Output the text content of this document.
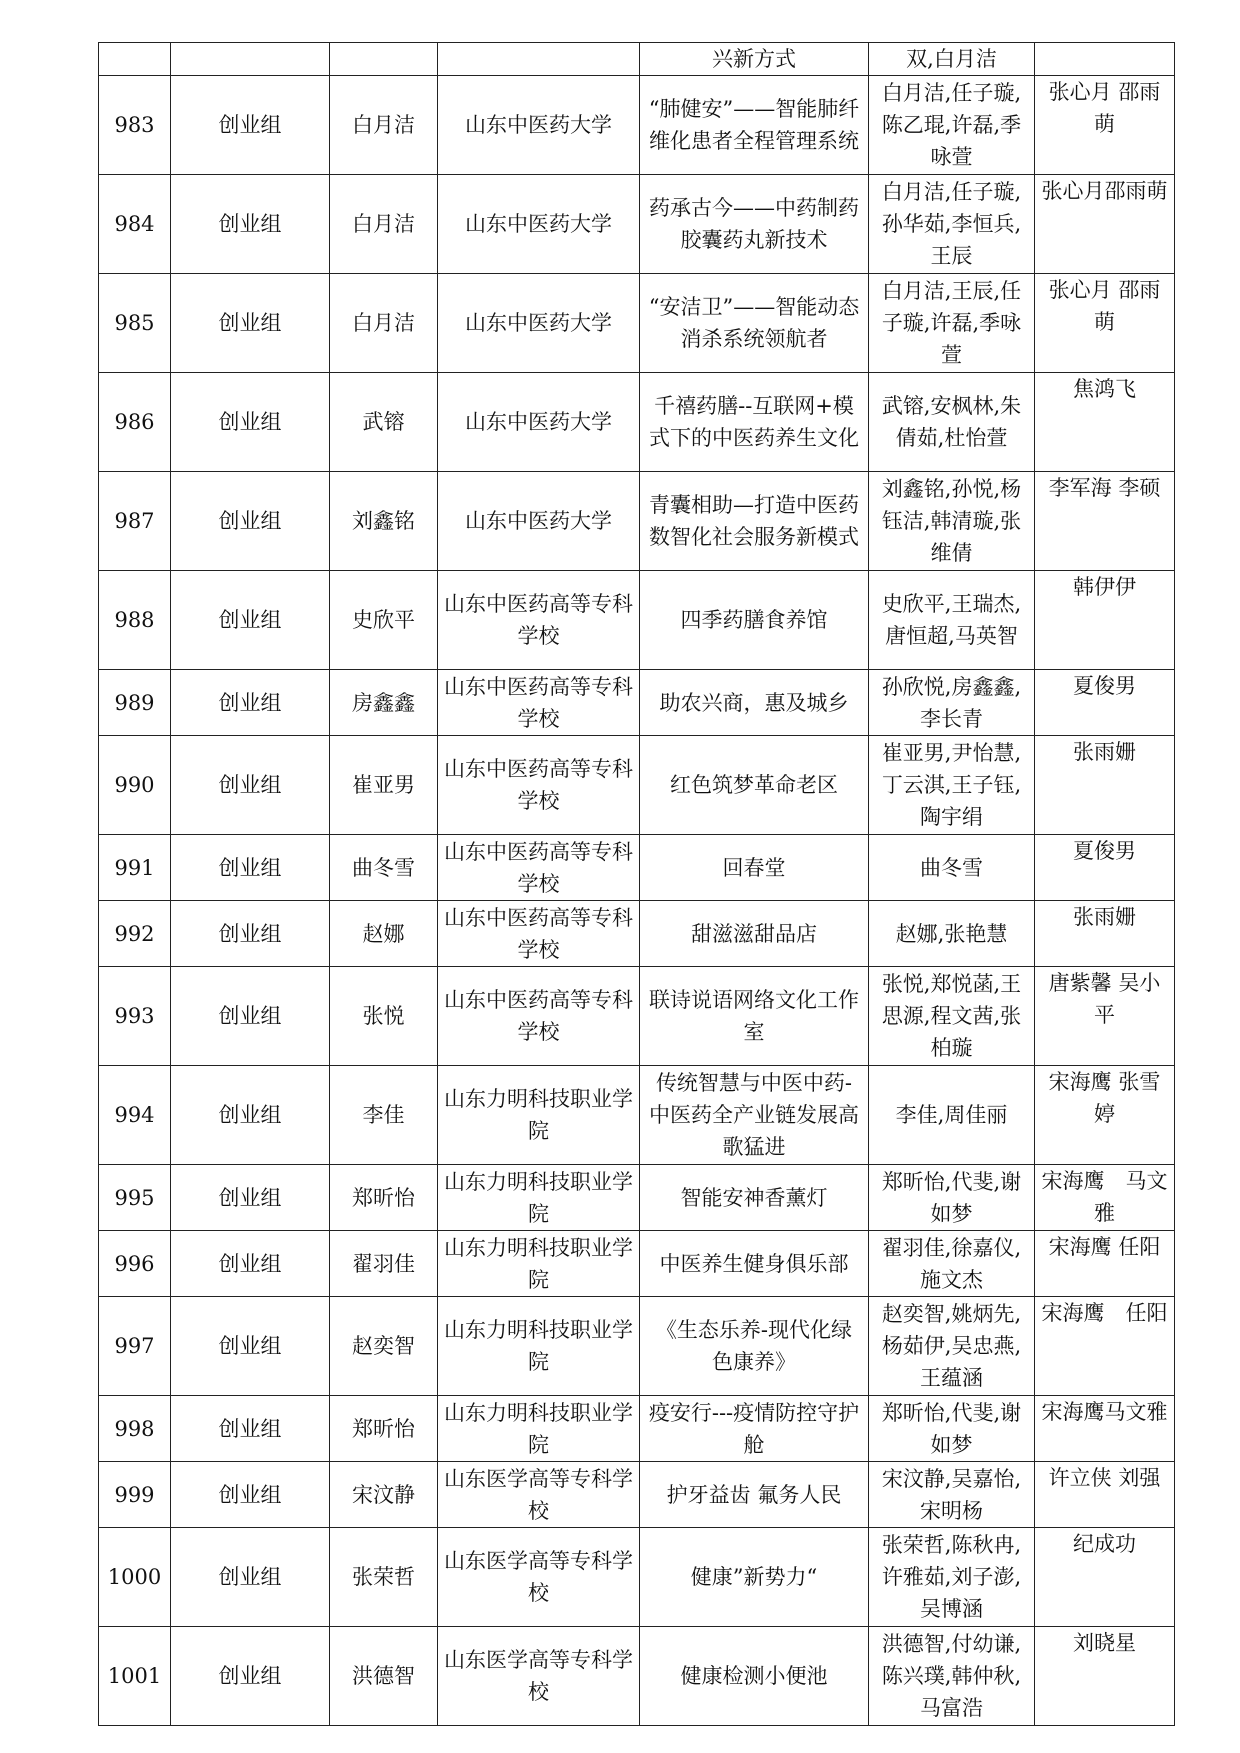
				兴新方式	双,白月洁	
983	创业组	白月洁	山东中医药大学	“肺健安”——智能肺纤维化患者全程管理系统	白月洁,任子璇,陈乙琨,许磊,季咏萱	张心月 邵雨萌
984	创业组	白月洁	山东中医药大学	药承古今——中药制药胶囊药丸新技术	白月洁,任子璇,孙华茹,李恒兵,王辰	张心月邵雨萌
985	创业组	白月洁	山东中医药大学	“安洁卫”——智能动态消杀系统领航者	白月洁,王辰,任子璇,许磊,季咏萱	张心月 邵雨萌
986	创业组	武镕	山东中医药大学	千禧药膳--互联网+模式下的中医药养生文化	武镕,安枫林,朱倩茹,杜怡萱	焦鸿飞
987	创业组	刘鑫铭	山东中医药大学	青囊相助—打造中医药数智化社会服务新模式	刘鑫铭,孙悦,杨钰洁,韩清璇,张维倩	李军海 李硕
988	创业组	史欣平	山东中医药高等专科学校	四季药膳食养馆	史欣平,王瑞杰,唐恒超,马英智	韩伊伊
989	创业组	房鑫鑫	山东中医药高等专科学校	助农兴商，惠及城乡	孙欣悦,房鑫鑫,李长青	夏俊男
990	创业组	崔亚男	山东中医药高等专科学校	红色筑梦革命老区	崔亚男,尹怡慧,丁云淇,王子钰,陶宇绢	张雨姗
991	创业组	曲冬雪	山东中医药高等专科学校	回春堂	曲冬雪	夏俊男
992	创业组	赵娜	山东中医药高等专科学校	甜滋滋甜品店	赵娜,张艳慧	张雨姗
993	创业组	张悦	山东中医药高等专科学校	联诗说语网络文化工作室	张悦,郑悦菡,王思源,程文茜,张柏璇	唐紫馨 吴小平
994	创业组	李佳	山东力明科技职业学院	传统智慧与中医中药-中医药全产业链发展高歌猛进	李佳,周佳丽	宋海鹰 张雪婷
995	创业组	郑昕怡	山东力明科技职业学院	智能安神香薰灯	郑昕怡,代斐,谢如梦	宋海鹰　马文雅
996	创业组	翟羽佳	山东力明科技职业学院	中医养生健身俱乐部	翟羽佳,徐嘉仪,施文杰	宋海鹰 任阳
997	创业组	赵奕智	山东力明科技职业学院	《生态乐养-现代化绿色康养》	赵奕智,姚炳先,杨茹伊,吴忠燕,王蕴涵	宋海鹰　任阳
998	创业组	郑昕怡	山东力明科技职业学院	疫安行---疫情防控守护舱	郑昕怡,代斐,谢如梦	宋海鹰马文雅
999	创业组	宋汶静	山东医学高等专科学校	护牙益齿 氟务人民	宋汶静,吴嘉怡,宋明杨	许立侠 刘强
1000	创业组	张荣哲	山东医学高等专科学校	健康”新势力“	张荣哲,陈秋冉,许雅茹,刘子澎,吴博涵	纪成功
1001	创业组	洪德智	山东医学高等专科学校	健康检测小便池	洪德智,付幼谦,陈兴璞,韩仲秋,马富浩	刘晓星
